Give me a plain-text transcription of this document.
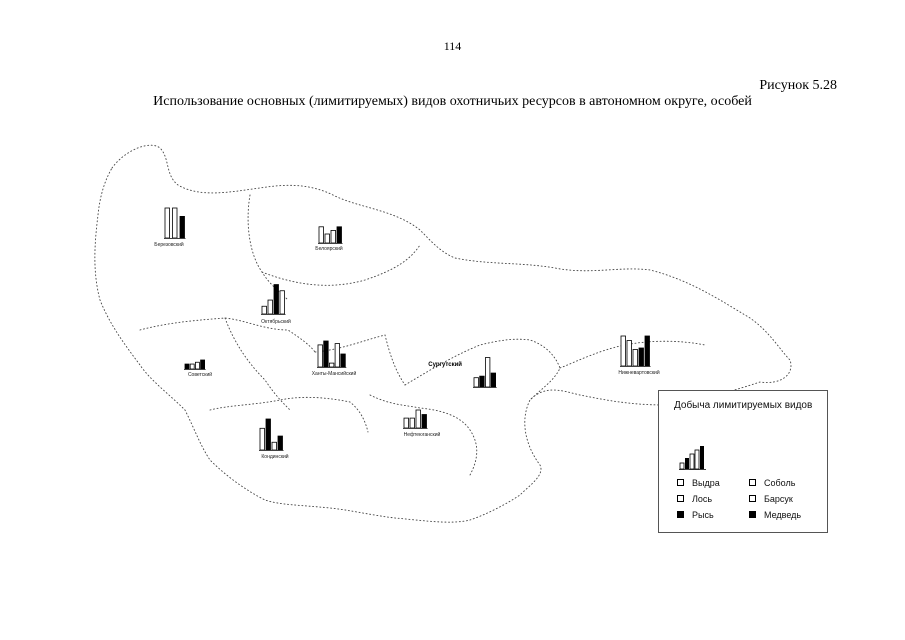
114
Рисунок 5.28
Использование основных (лимитируемых) видов охотничьих ресурсов в автономном округе, особей
Березовский
Белоярский
Октябрьский
Советский	Ханты-Мансийский
Сургутский
Нижневартовский
Нефтеюганский
Кондинский
Добыча лимитируемых видов
Выдра	Соболь
Лось	Барсук
Рысь	Медведь
